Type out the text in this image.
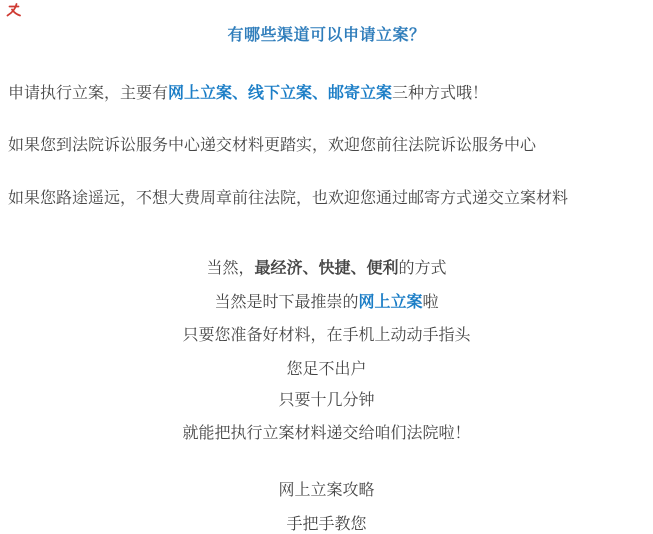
有哪些渠道可以申请立案？
申请执行立案，主要有网上立案、线下立案、邮寄立案三种方式哦！
如果您到法院诉讼服务中心递交材料更踏实，欢迎您前往法院诉讼服务中心
如果您路途遥远，不想大费周章前往法院，也欢迎您通过邮寄方式递交立案材料
当然，最经济、快捷、便利的方式
当然是时下最推崇的网上立案啦
只要您准备好材料，在手机上动动手指头
您足不出户
只要十几分钟
就能把执行立案材料递交给咱们法院啦！
网上立案攻略
手把手教您
